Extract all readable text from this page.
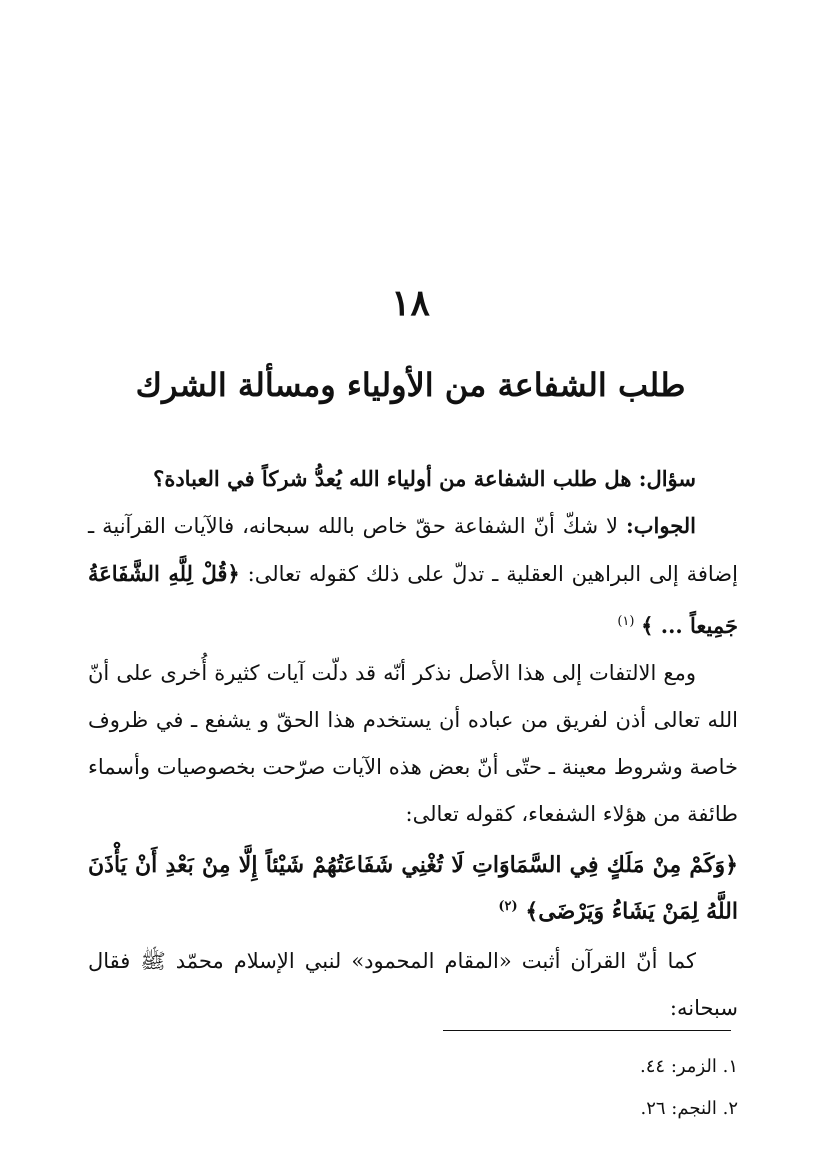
١٨
طلب الشفاعة من الأولياء ومسألة الشرك

سؤال: هل طلب الشفاعة من أولياء الله يُعدُّ شركاً في العبادة؟

الجواب: لا شكّ أنّ الشفاعة حقّ خاص بالله سبحانه، فالآيات القرآنية ـ إضافة إلى البراهين العقلية ـ تدلّ على ذلك كقوله تعالى: ﴿قُلْ لِلَّهِ الشَّفَاعَةُ جَمِيعاً ... ﴾ $^{(١)}$

ومع الالتفات إلى هذا الأصل نذكر أنّه قد دلّت آيات كثيرة أُخرى على أنّ الله تعالى أذن لفريق من عباده أن يستخدم هذا الحقّ و يشفع ـ في ظروف خاصة وشروط معينة ـ حتّى أنّ بعض هذه الآيات صرّحت بخصوصيات وأسماء طائفة من هؤلاء الشفعاء، كقوله تعالى:

﴿وَكَمْ مِنْ مَلَكٍ فِي السَّمَاوَاتِ لَا تُغْنِي شَفَاعَتُهُمْ شَيْئاً إِلَّا مِنْ بَعْدِ أَنْ يَأْذَنَ اللَّهُ لِمَنْ يَشَاءُ وَيَرْضَى﴾ $^{(٢)}$

كما أنّ القرآن أثبت «المقام المحمود» لنبي الإسلام محمّد ﷺ فقال سبحانه:

١. الزمر: ٤٤.
٢. النجم: ٢٦.
